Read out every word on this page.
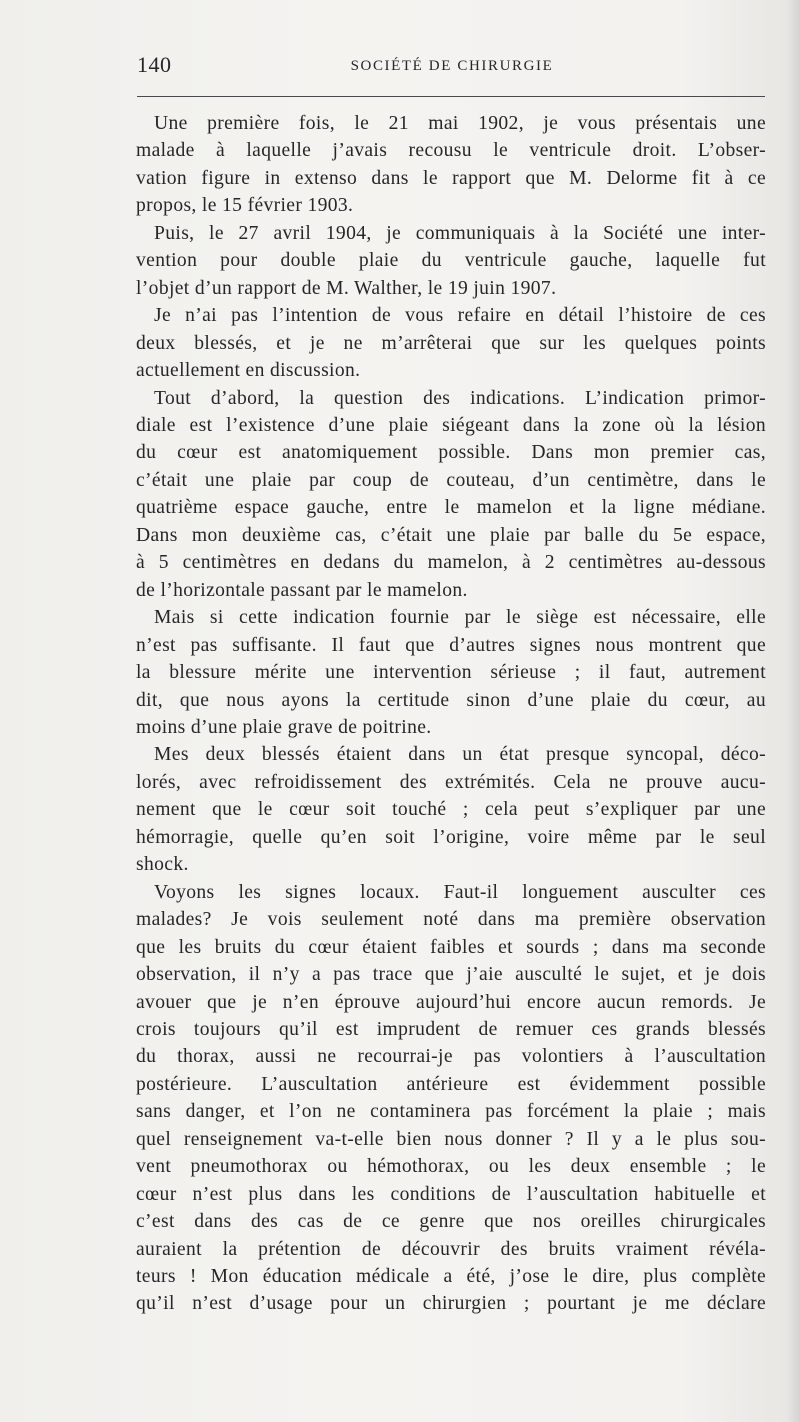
140	SOCIÉTÉ DE CHIRURGIE
Une première fois, le 21 mai 1902, je vous présentais une
malade à laquelle j’avais recousu le ventricule droit. L’obser-
vation figure in extenso dans le rapport que M. Delorme fit à ce
propos, le 15 février 1903.
Puis, le 27 avril 1904, je communiquais à la Société une inter-
vention pour double plaie du ventricule gauche, laquelle fut
l’objet d’un rapport de M. Walther, le 19 juin 1907.
Je n’ai pas l’intention de vous refaire en détail l’histoire de ces
deux blessés, et je ne m’arrêterai que sur les quelques points
actuellement en discussion.
Tout d’abord, la question des indications. L’indication primor-
diale est l’existence d’une plaie siégeant dans la zone où la lésion
du cœur est anatomiquement possible. Dans mon premier cas,
c’était une plaie par coup de couteau, d’un centimètre, dans le
quatrième espace gauche, entre le mamelon et la ligne médiane.
Dans mon deuxième cas, c’était une plaie par balle du 5e espace,
à 5 centimètres en dedans du mamelon, à 2 centimètres au-dessous
de l’horizontale passant par le mamelon.
Mais si cette indication fournie par le siège est nécessaire, elle
n’est pas suffisante. Il faut que d’autres signes nous montrent que
la blessure mérite une intervention sérieuse ; il faut, autrement
dit, que nous ayons la certitude sinon d’une plaie du cœur, au
moins d’une plaie grave de poitrine.
Mes deux blessés étaient dans un état presque syncopal, déco-
lorés, avec refroidissement des extrémités. Cela ne prouve aucu-
nement que le cœur soit touché ; cela peut s’expliquer par une
hémorragie, quelle qu’en soit l’origine, voire même par le seul
shock.
Voyons les signes locaux. Faut-il longuement ausculter ces
malades? Je vois seulement noté dans ma première observation
que les bruits du cœur étaient faibles et sourds ; dans ma seconde
observation, il n’y a pas trace que j’aie ausculté le sujet, et je dois
avouer que je n’en éprouve aujourd’hui encore aucun remords. Je
crois toujours qu’il est imprudent de remuer ces grands blessés
du thorax, aussi ne recourrai-je pas volontiers à l’auscultation
postérieure. L’auscultation antérieure est évidemment possible
sans danger, et l’on ne contaminera pas forcément la plaie ; mais
quel renseignement va-t-elle bien nous donner ? Il y a le plus sou-
vent pneumothorax ou hémothorax, ou les deux ensemble ; le
cœur n’est plus dans les conditions de l’auscultation habituelle et
c’est dans des cas de ce genre que nos oreilles chirurgicales
auraient la prétention de découvrir des bruits vraiment révéla-
teurs ! Mon éducation médicale a été, j’ose le dire, plus complète
qu’il n’est d’usage pour un chirurgien ; pourtant je me déclare
